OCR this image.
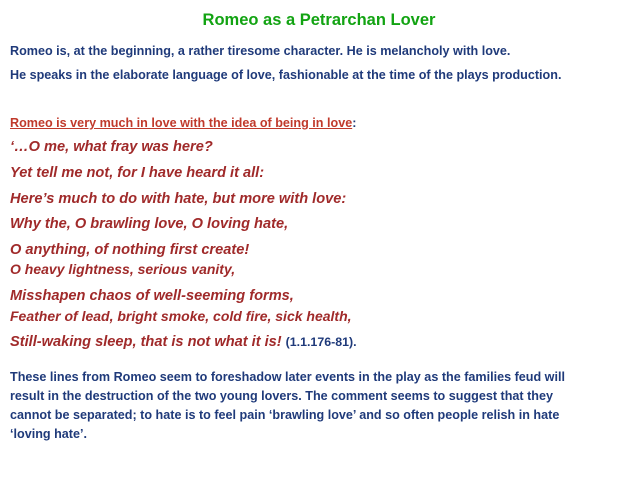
Romeo as a Petrarchan Lover
Romeo is, at the beginning, a rather tiresome character. He is melancholy with love.
He speaks in the elaborate language of love, fashionable at the time of the plays production.
Romeo is very much in love with the idea of being in love:
‘…O me, what fray was here?
Yet tell me not, for I have heard it all:
Here’s much to do with hate, but more with love:
Why the, O brawling love, O loving hate,
O anything, of nothing first create!
O heavy lightness, serious vanity,
Misshapen chaos of well-seeming forms,
Feather of lead, bright smoke, cold fire, sick health,
Still-waking sleep, that is not what it is! (1.1.176-81).
These lines from Romeo seem to foreshadow later events in the play as the families feud will
result in the destruction of the two young lovers. The comment seems to suggest that they
cannot be separated; to hate is to feel pain ‘brawling love’ and so often people relish in hate
‘loving hate’.
